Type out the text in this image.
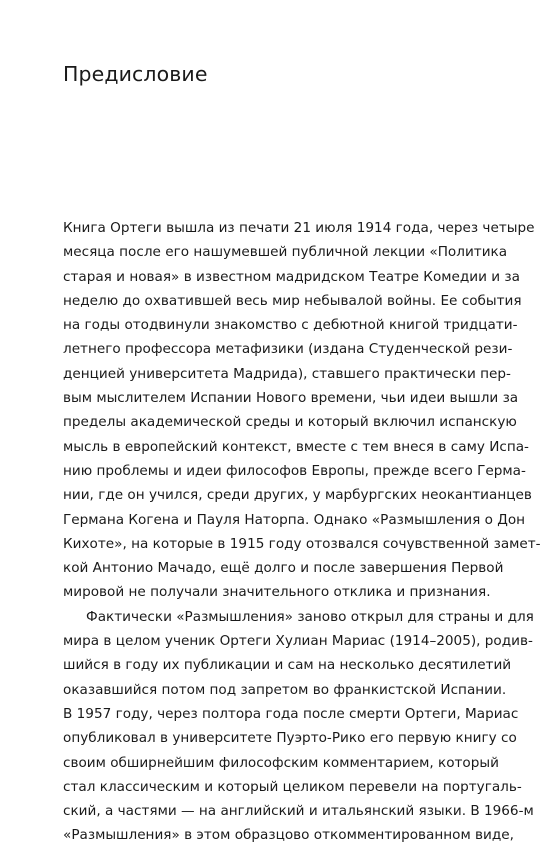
Предисловие
Книга Ортеги вышла из печати 21 июля 1914 года, через четыре
месяца после его нашумевшей публичной лекции «Политика
старая и новая» в известном мадридском Театре Комедии и за
неделю до охватившей весь мир небывалой войны. Ее события
на годы отодвинули знакомство с дебютной книгой тридцати-
летнего профессора метафизики (издана Студенческой рези-
денцией университета Мадрида), ставшего практически пер-
вым мыслителем Испании Нового времени, чьи идеи вышли за
пределы академической среды и который включил испанскую
мысль в европейский контекст, вместе с тем внеся в саму Испа-
нию проблемы и идеи философов Европы, прежде всего Герма-
нии, где он учился, среди других, у марбургских неокантианцев
Германа Когена и Пауля Наторпа. Однако «Размышления о Дон
Кихоте», на которые в 1915 году отозвался сочувственной замет-
кой Антонио Мачадо, ещё долго и после завершения Первой
мировой не получали значительного отклика и признания.
Фактически «Размышления» заново открыл для страны и для
мира в целом ученик Ортеги Хулиан Мариас (1914–2005), родив-
шийся в году их публикации и сам на несколько десятилетий
оказавшийся потом под запретом во франкистской Испании.
В 1957 году, через полтора года после смерти Ортеги, Мариас
опубликовал в университете Пуэрто-Рико его первую книгу со
своим обширнейшим философским комментарием, который
стал классическим и который целиком перевели на португаль-
ский, а частями — на английский и итальянский языки. В 1966-м
«Размышления» в этом образцово откомментированном виде,
